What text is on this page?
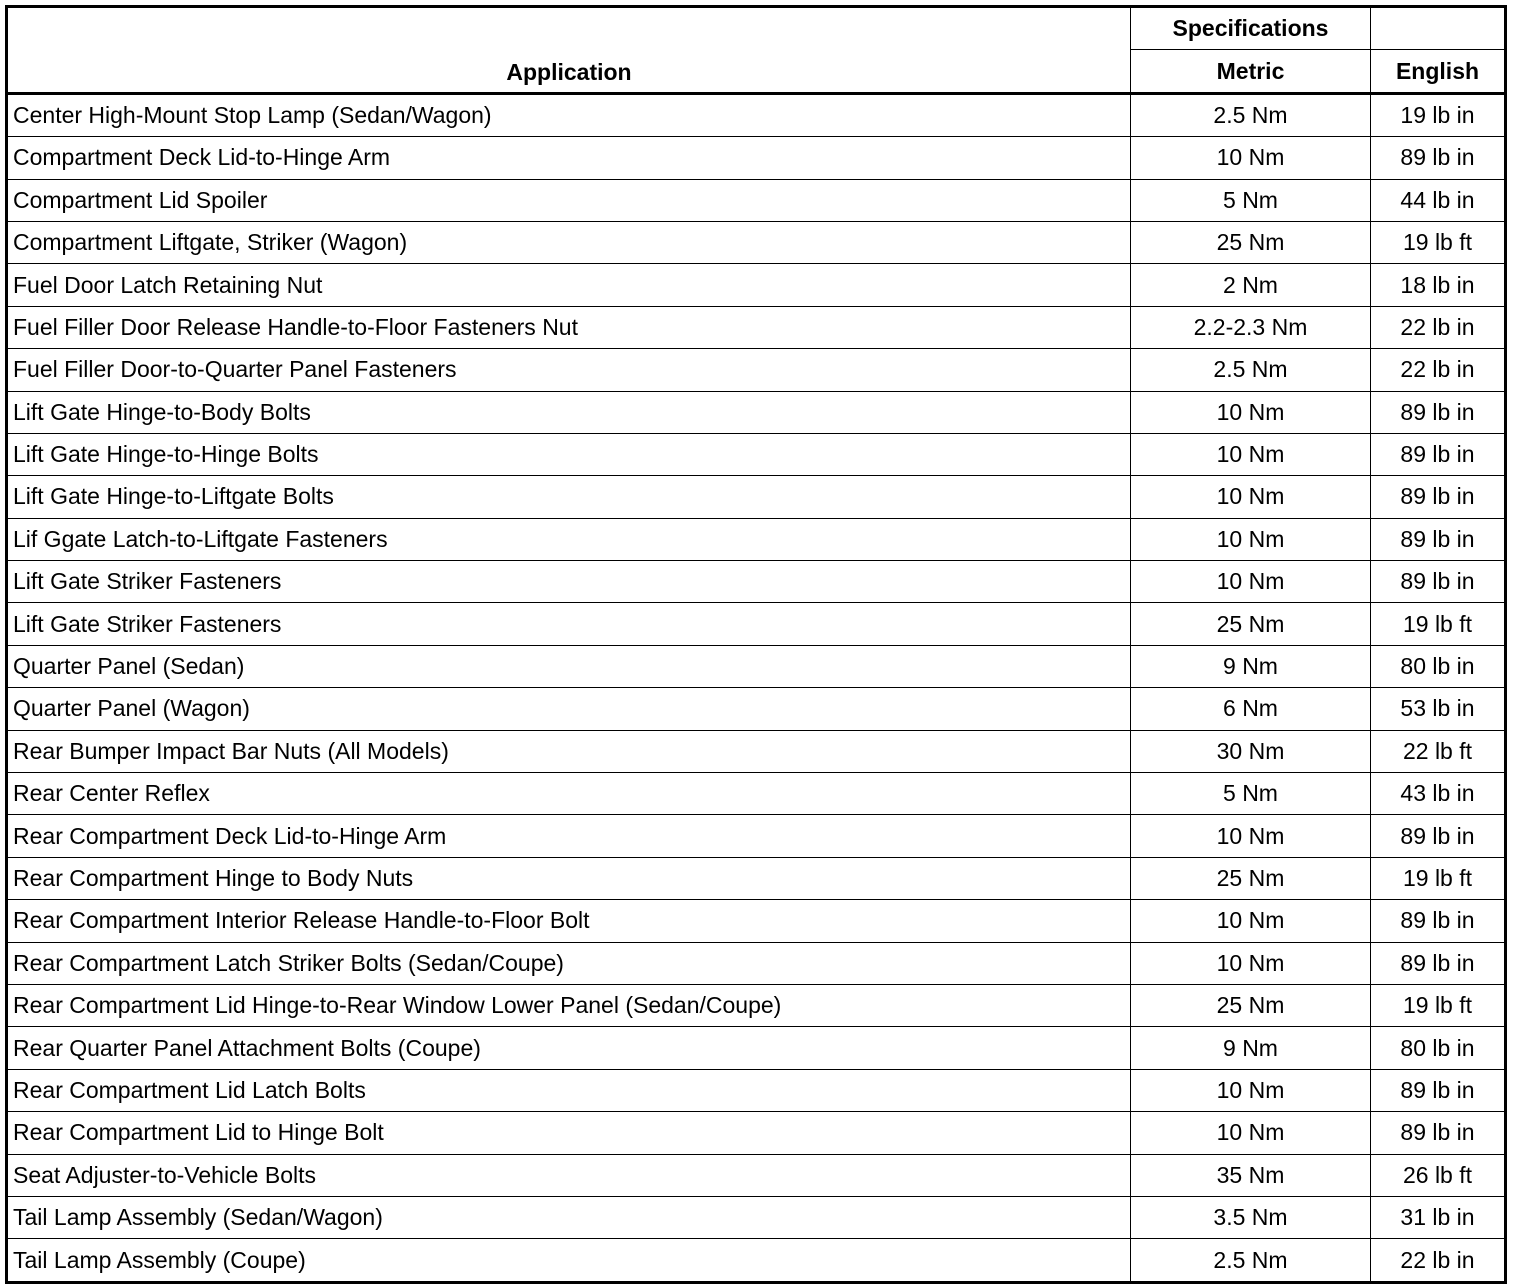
Application	Specifications	
	Metric	English
Center High-Mount Stop Lamp (Sedan/Wagon)	2.5 Nm	19 lb in
Compartment Deck Lid-to-Hinge Arm	10 Nm	89 lb in
Compartment Lid Spoiler	5 Nm	44 lb in
Compartment Liftgate, Striker (Wagon)	25 Nm	19 lb ft
Fuel Door Latch Retaining Nut	2 Nm	18 lb in
Fuel Filler Door Release Handle-to-Floor Fasteners Nut	2.2-2.3 Nm	22 lb in
Fuel Filler Door-to-Quarter Panel Fasteners	2.5 Nm	22 lb in
Lift Gate Hinge-to-Body Bolts	10 Nm	89 lb in
Lift Gate Hinge-to-Hinge Bolts	10 Nm	89 lb in
Lift Gate Hinge-to-Liftgate Bolts	10 Nm	89 lb in
Lif Ggate Latch-to-Liftgate Fasteners	10 Nm	89 lb in
Lift Gate Striker Fasteners	10 Nm	89 lb in
Lift Gate Striker Fasteners	25 Nm	19 lb ft
Quarter Panel (Sedan)	9 Nm	80 lb in
Quarter Panel (Wagon)	6 Nm	53 lb in
Rear Bumper Impact Bar Nuts (All Models)	30 Nm	22 lb ft
Rear Center Reflex	5 Nm	43 lb in
Rear Compartment Deck Lid-to-Hinge Arm	10 Nm	89 lb in
Rear Compartment Hinge to Body Nuts	25 Nm	19 lb ft
Rear Compartment Interior Release Handle-to-Floor Bolt	10 Nm	89 lb in
Rear Compartment Latch Striker Bolts (Sedan/Coupe)	10 Nm	89 lb in
Rear Compartment Lid Hinge-to-Rear Window Lower Panel (Sedan/Coupe)	25 Nm	19 lb ft
Rear Quarter Panel Attachment Bolts (Coupe)	9 Nm	80 lb in
Rear Compartment Lid Latch Bolts	10 Nm	89 lb in
Rear Compartment Lid to Hinge Bolt	10 Nm	89 lb in
Seat Adjuster-to-Vehicle Bolts	35 Nm	26 lb ft
Tail Lamp Assembly (Sedan/Wagon)	3.5 Nm	31 lb in
Tail Lamp Assembly (Coupe)	2.5 Nm	22 lb in
